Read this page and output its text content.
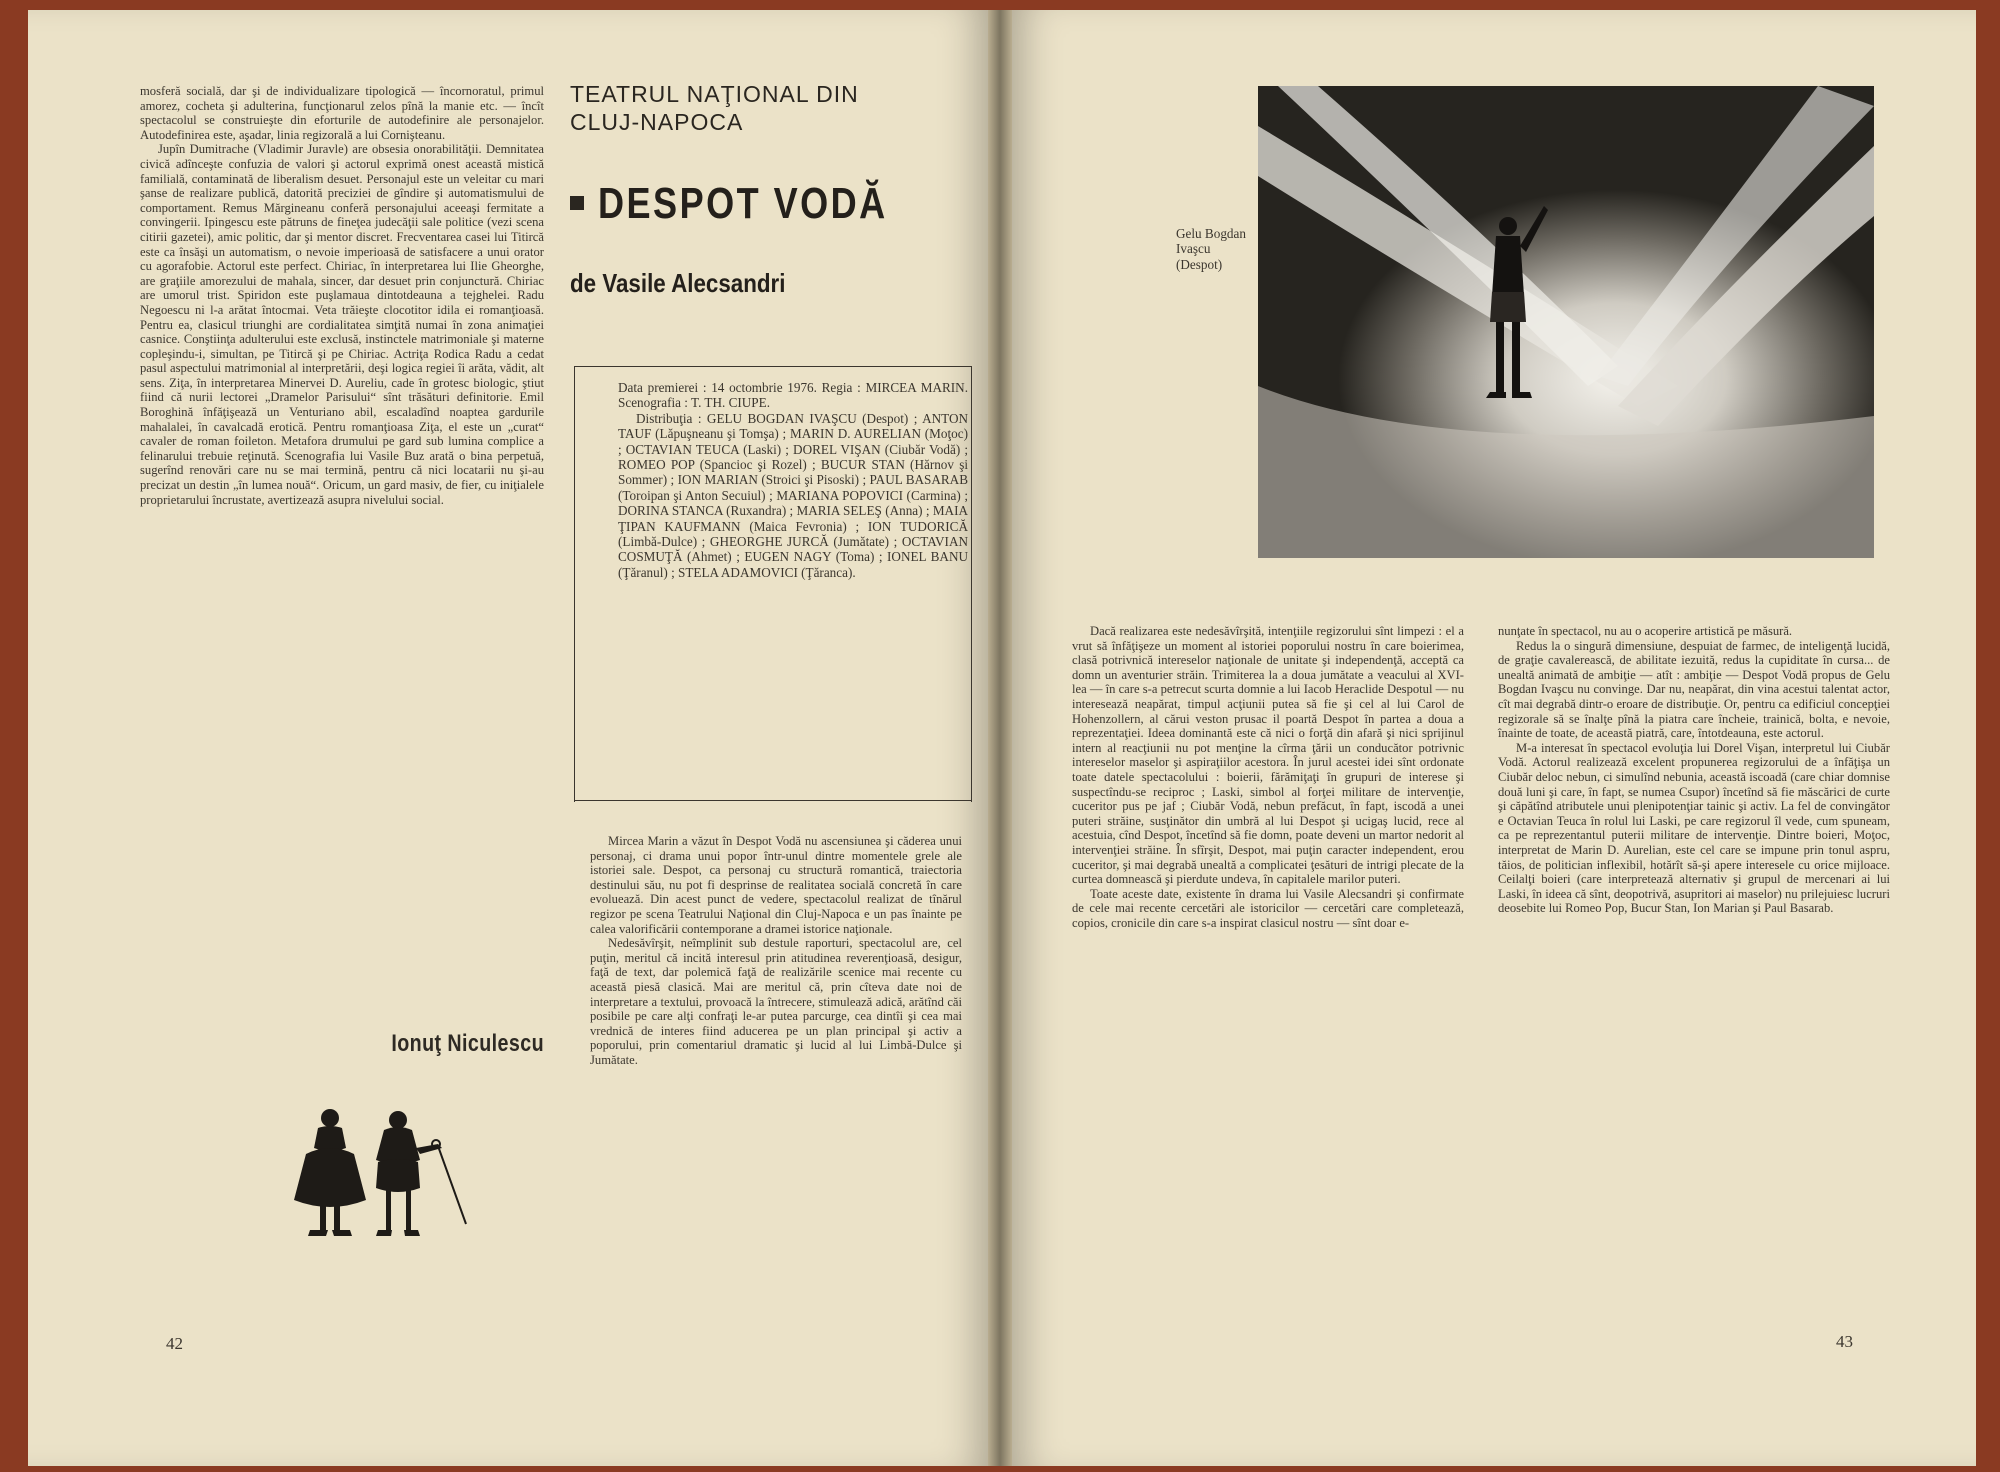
mosferă socială, dar şi de individualizare tipologică — încornoratul, primul amorez, cocheta şi adulterina, funcţionarul zelos pînă la manie etc. — încît spectacolul se construieşte din eforturile de autodefinire ale personajelor. Autodefinirea este, aşadar, linia regizorală a lui Cornişteanu.

Jupîn Dumitrache (Vladimir Juravle) are obsesia onorabilităţii. Demnitatea civică adînceşte confuzia de valori şi actorul exprimă onest această mistică familială, contaminată de liberalism desuet. Personajul este un veleitar cu mari şanse de realizare publică, datorită preciziei de gîndire şi automatismului de comportament. Remus Mărgineanu conferă personajului aceeaşi fermitate a convingerii. Ipingescu este pătruns de fineţea judecăţii sale politice (vezi scena citirii gazetei), amic politic, dar şi mentor discret. Frecventarea casei lui Titircă este ca însăşi un automatism, o nevoie imperioasă de satisfacere a unui orator cu agorafobie. Actorul este perfect. Chiriac, în interpretarea lui Ilie Gheorghe, are graţiile amorezului de mahala, sincer, dar desuet prin conjunctură. Chiriac are umorul trist. Spiridon este puşlamaua dintotdeauna a tejghelei. Radu Negoescu ni l-a arătat întocmai. Veta trăieşte clocotitor idila ei romanţioasă. Pentru ea, clasicul triunghi are cordialitatea simţită numai în zona animaţiei casnice. Conştiinţa adulterului este exclusă, instinctele matrimoniale şi materne copleşindu-i, simultan, pe Titircă şi pe Chiriac. Actriţa Rodica Radu a cedat pasul aspectului matrimonial al interpretării, deşi logica regiei îi arăta, vădit, alt sens. Ziţa, în interpretarea Minervei D. Aureliu, cade în grotesc biologic, ştiut fiind că nurii lectorei „Dramelor Parisului“ sînt trăsături definitorie. Emil Boroghină înfăţişează un Venturiano abil, escaladînd noaptea gardurile mahalalei, în cavalcadă erotică. Pentru romanţioasa Ziţa, el este un „curat“ cavaler de roman foileton. Metafora drumului pe gard sub lumina complice a felinarului trebuie reţinută. Scenografia lui Vasile Buz arată o bina perpetuă, sugerînd renovări care nu se mai termină, pentru că nici locatarii nu şi-au precizat un destin „în lumea nouă“. Oricum, un gard masiv, de fier, cu iniţialele proprietarului încrustate, avertizează asupra nivelului social.

Ionuţ Niculescu
42
TEATRUL NAŢIONAL DIN CLUJ-NAPOCA
DESPOT VODĂ
de Vasile Alecsandri

Data premierei : 14 octombrie 1976. Regia : MIRCEA MARIN. Scenografia : T. TH. CIUPE.

Distribuţia : GELU BOGDAN IVAŞCU (Despot) ; ANTON TAUF (Lăpuşneanu şi Tomşa) ; MARIN D. AURELIAN (Moţoc) ; OCTAVIAN TEUCA (Laski) ; DOREL VIŞAN (Ciubăr Vodă) ; ROMEO POP (Spancioc şi Rozel) ; BUCUR STAN (Hărnov şi Sommer) ; ION MARIAN (Stroici şi Pisoski) ; PAUL BASARAB (Toroipan şi Anton Secuiul) ; MARIANA POPOVICI (Carmina) ; DORINA STANCA (Ruxandra) ; MARIA SELEŞ (Anna) ; MAIA ŢIPAN KAUFMANN (Maica Fevronia) ; ION TUDORICĂ (Limbă-Dulce) ; GHEORGHE JURCĂ (Jumătate) ; OCTAVIAN COSMUŢĂ (Ahmet) ; EUGEN NAGY (Toma) ; IONEL BANU (Ţăranul) ; STELA ADAMOVICI (Ţăranca).

Mircea Marin a văzut în Despot Vodă nu ascensiunea şi căderea unui personaj, ci drama unui popor într-unul dintre momentele grele ale istoriei sale. Despot, ca personaj cu structură romantică, traiectoria destinului său, nu pot fi desprinse de realitatea socială concretă în care evoluează. Din acest punct de vedere, spectacolul realizat de tînărul regizor pe scena Teatrului Naţional din Cluj-Napoca e un pas înainte pe calea valorificării contemporane a dramei istorice naţionale.

Nedesăvîrşit, neîmplinit sub destule raporturi, spectacolul are, cel puţin, meritul că incită interesul prin atitudinea reverenţioasă, desigur, faţă de text, dar polemică faţă de realizările scenice mai recente cu această piesă clasică. Mai are meritul că, prin cîteva date noi de interpretare a textului, provoacă la întrecere, stimulează adică, arătînd căi posibile pe care alţi confraţi le-ar putea parcurge, cea dintîi şi cea mai vrednică de interes fiind aducerea pe un plan principal şi activ a poporului, prin comentariul dramatic şi lucid al lui Limbă-Dulce şi Jumătate.

Gelu Bogdan Ivaşcu (Despot)

Dacă realizarea este nedesăvîrşită, intenţiile regizorului sînt limpezi : el a vrut să înfăţişeze un moment al istoriei poporului nostru în care boierimea, clasă potrivnică intereselor naţionale de unitate şi independenţă, acceptă ca domn un aventurier străin. Trimiterea la a doua jumătate a veacului al XVI-lea — în care s-a petrecut scurta domnie a lui Iacob Heraclide Despotul — nu interesează neapărat, timpul acţiunii putea să fie şi cel al lui Carol de Hohenzollern, al cărui veston prusac il poartă Despot în partea a doua a reprezentaţiei. Ideea dominantă este că nici o forţă din afară şi nici sprijinul intern al reacţiunii nu pot menţine la cîrma ţării un conducător potrivnic intereselor maselor şi aspiraţiilor acestora. În jurul acestei idei sînt ordonate toate datele spectacolului : boierii, fărămiţaţi în grupuri de interese şi suspectîndu-se reciproc ; Laski, simbol al forţei militare de intervenţie, cuceritor pus pe jaf ; Ciubăr Vodă, nebun prefăcut, în fapt, iscodă a unei puteri străine, susţinător din umbră al lui Despot şi ucigaş lucid, rece al acestuia, cînd Despot, încetînd să fie domn, poate deveni un martor nedorit al intervenţiei străine. În sfîrşit, Despot, mai puţin caracter independent, erou cuceritor, şi mai degrabă unealtă a complicatei ţesături de intrigi plecate de la curtea domnească şi pierdute undeva, în capitalele marilor puteri.

Toate aceste date, existente în drama lui Vasile Alecsandri şi confirmate de cele mai recente cercetări ale istoricilor — cercetări care completează, copios, cronicile din care s-a inspirat clasicul nostru — sînt doar e-

nunţate în spectacol, nu au o acoperire artistică pe măsură.

Redus la o singură dimensiune, despuiat de farmec, de inteligenţă lucidă, de graţie cavalerească, de abilitate iezuită, redus la cupiditate în cursa... de unealtă animată de ambiţie — atît : ambiţie — Despot Vodă propus de Gelu Bogdan Ivaşcu nu convinge. Dar nu, neapărat, din vina acestui talentat actor, cît mai degrabă dintr-o eroare de distribuţie. Or, pentru ca edificiul concepţiei regizorale să se înalţe pînă la piatra care încheie, trainică, bolta, e nevoie, înainte de toate, de această piatră, care, întotdeauna, este actorul.

M-a interesat în spectacol evoluţia lui Dorel Vişan, interpretul lui Ciubăr Vodă. Actorul realizează excelent propunerea regizorului de a înfăţişa un Ciubăr deloc nebun, ci simulînd nebunia, această iscoadă (care chiar domnise două luni şi care, în fapt, se numea Csupor) încetînd să fie măscărici de curte şi căpătînd atributele unui plenipotenţiar tainic şi activ. La fel de convingător e Octavian Teuca în rolul lui Laski, pe care regizorul îl vede, cum spuneam, ca pe reprezentantul puterii militare de intervenţie. Dintre boieri, Moţoc, interpretat de Marin D. Aurelian, este cel care se impune prin tonul aspru, tăios, de politician inflexibil, hotărît să-şi apere interesele cu orice mijloace. Ceilalţi boieri (care interpretează alternativ şi grupul de mercenari ai lui Laski, în ideea că sînt, deopotrivă, asupritori ai maselor) nu prilejuiesc lucruri deosebite lui Romeo Pop, Bucur Stan, Ion Marian şi Paul Basarab.

43
